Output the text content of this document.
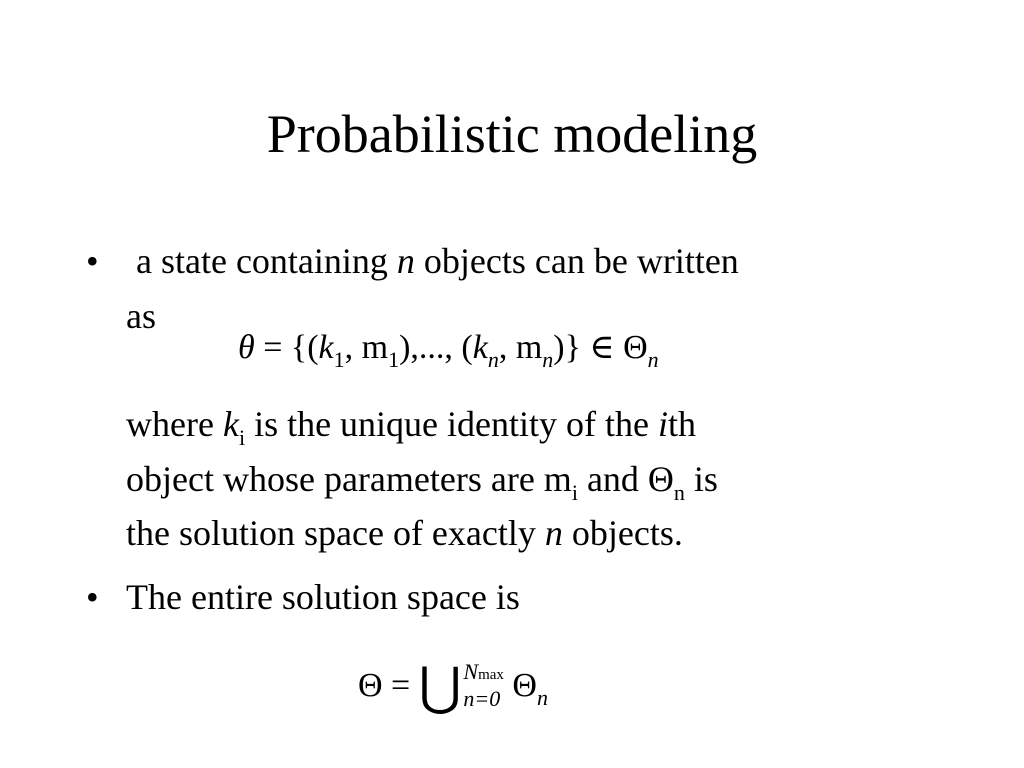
Probabilistic modeling
• a state containing n objects can be written
as
$\theta = \{(k_1$, $m_1$),..., ($k_n$, $m_n$)} ∈ $\Theta_n$
where $k_i$ is the unique identity of the ith
object whose parameters are $m_i$ and $\Theta_n$ is
the solution space of exactly n objects.
• The entire solution space is
Θ = ⋃ Nmax
n=0 $\Theta_n$
